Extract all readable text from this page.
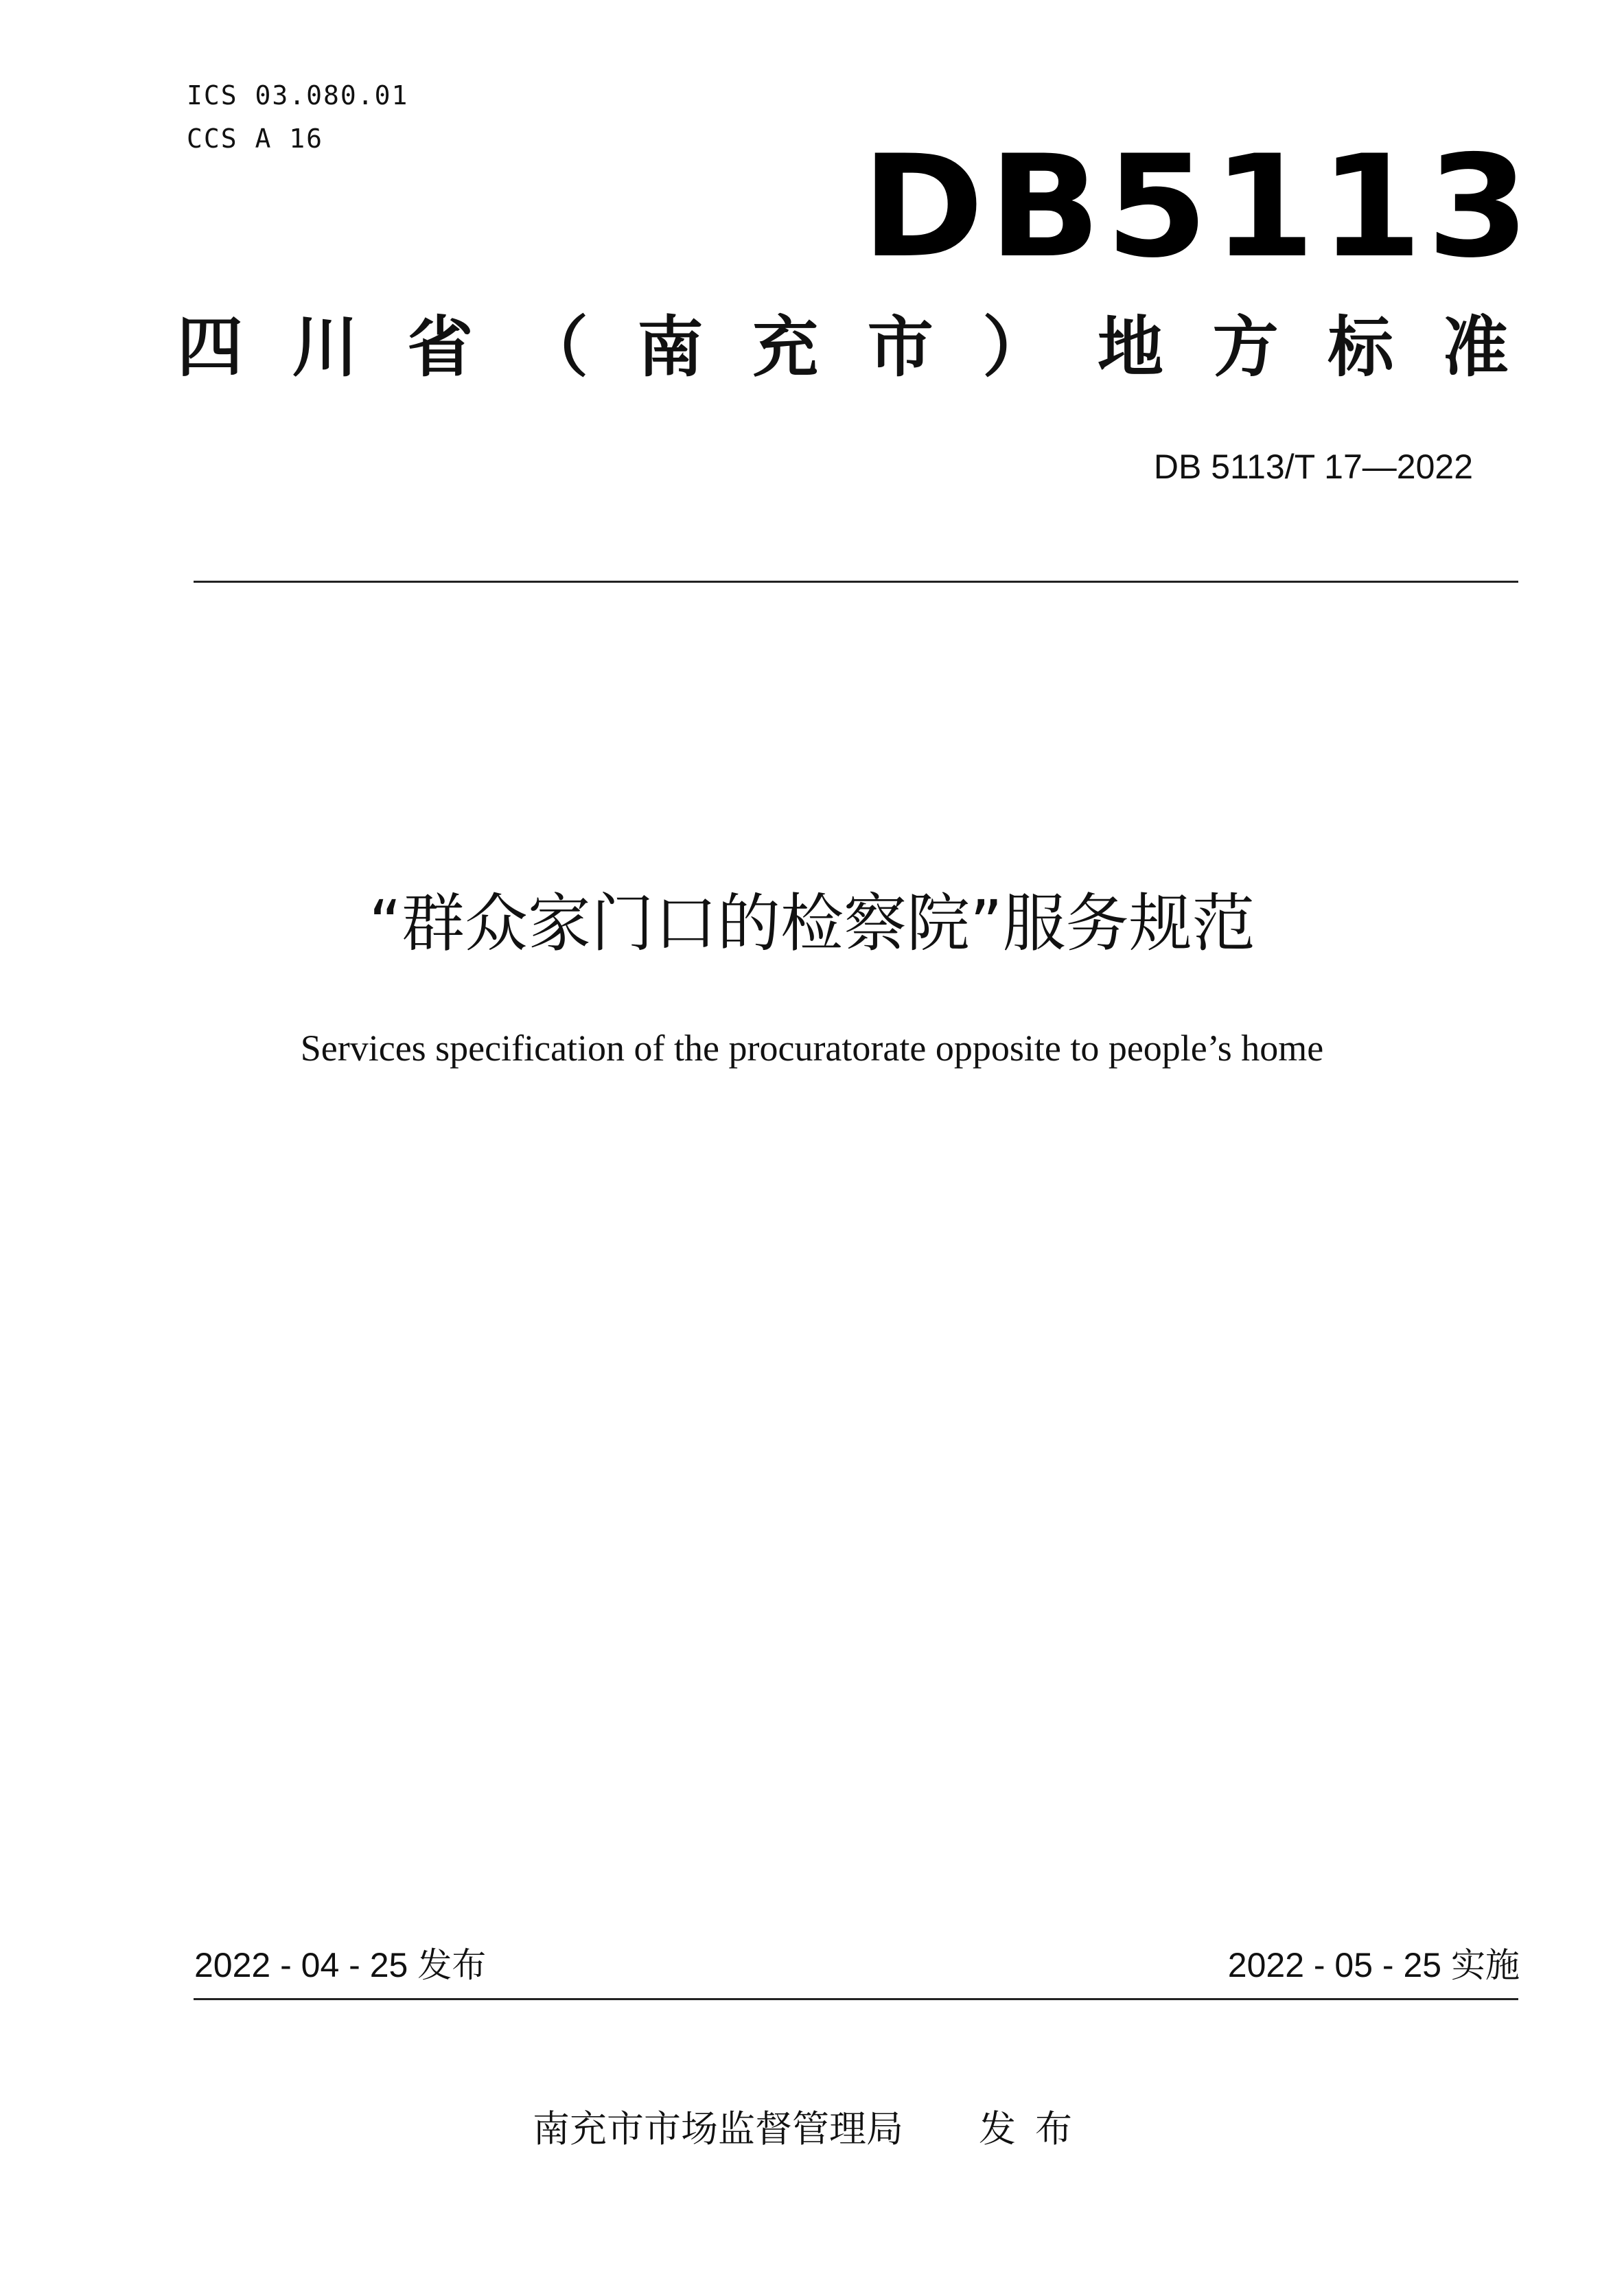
ICS 03.080.01
CCS A 16	DB5113
四 川 省 （ 南 充 市 ） 地 方 标 准
DB 5113/T 17—2022
“群众家门口的检察院”服务规范
Services specification of the procuratorate opposite to people’s home
2022 - 04 - 25 发布	2022 - 05 - 25 实施
南充市市场监督管理局 发布
